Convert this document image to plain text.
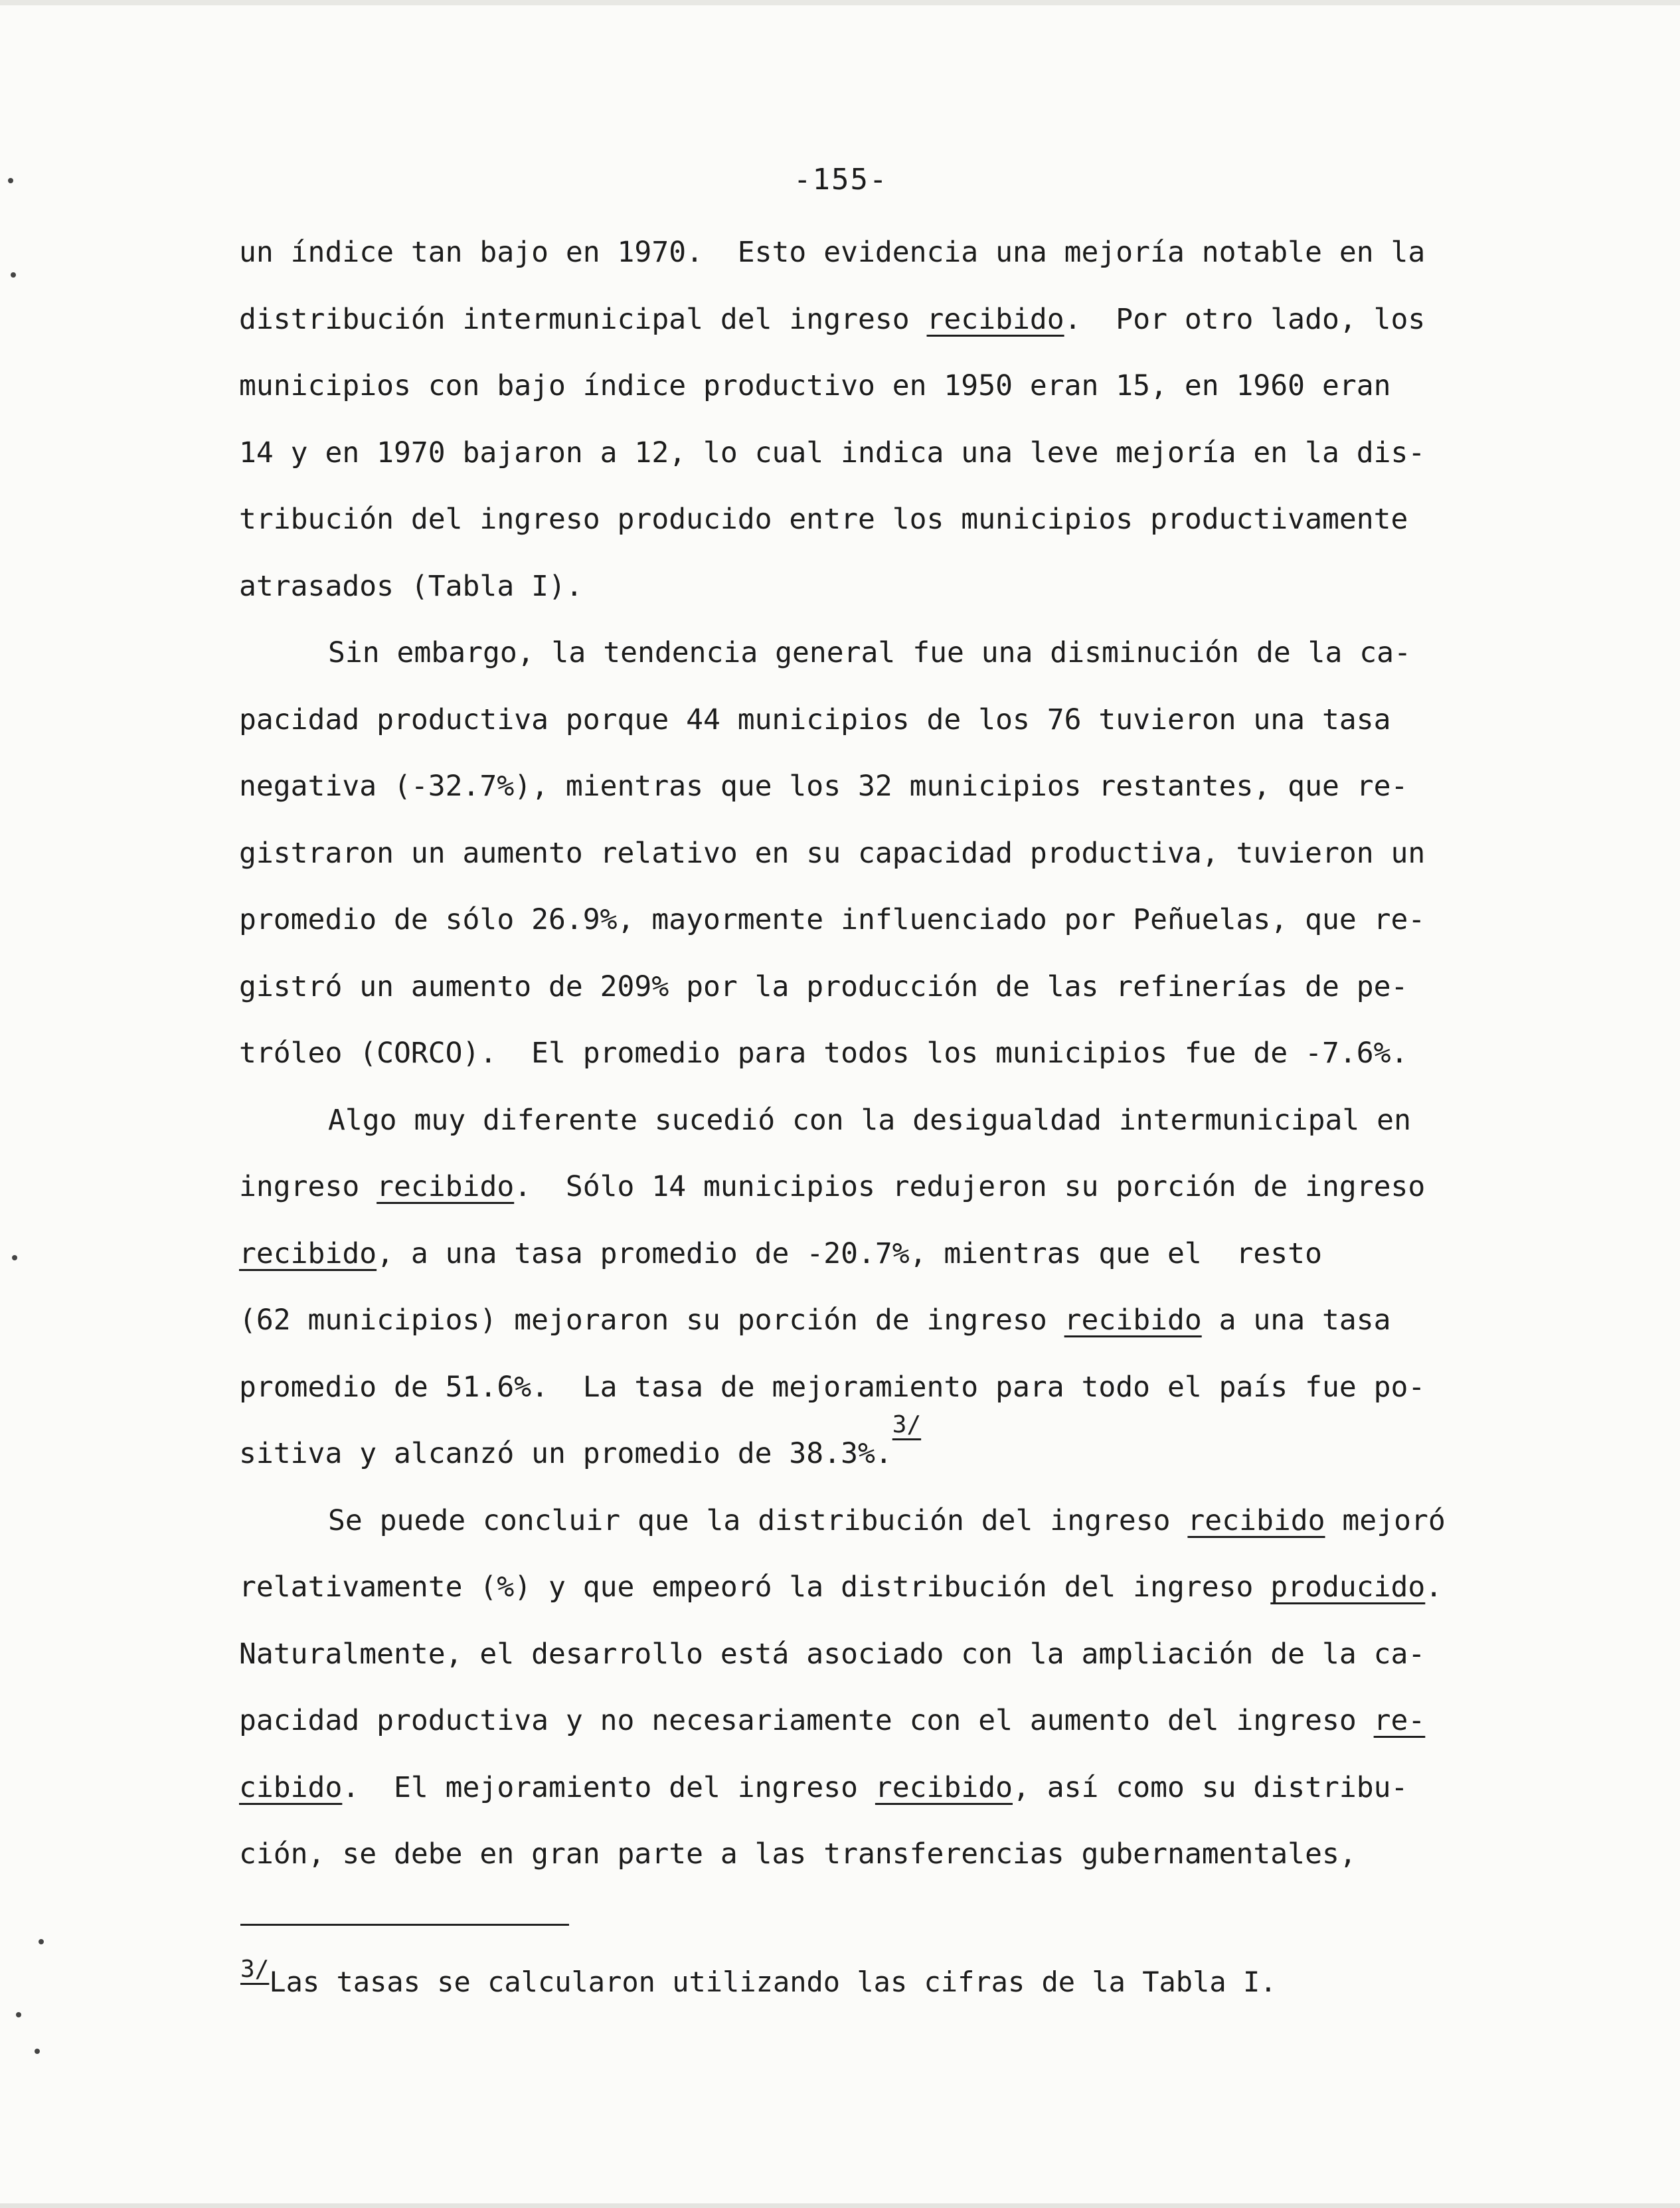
-155-
un índice tan bajo en 1970.  Esto evidencia una mejoría notable en la
distribución intermunicipal del ingreso recibido.  Por otro lado, los
municipios con bajo índice productivo en 1950 eran 15, en 1960 eran
14 y en 1970 bajaron a 12, lo cual indica una leve mejoría en la dis-
tribución del ingreso producido entre los municipios productivamente
atrasados (Tabla I).
Sin embargo, la tendencia general fue una disminución de la ca-
pacidad productiva porque 44 municipios de los 76 tuvieron una tasa
negativa (-32.7%), mientras que los 32 municipios restantes, que re-
gistraron un aumento relativo en su capacidad productiva, tuvieron un
promedio de sólo 26.9%, mayormente influenciado por Peñuelas, que re-
gistró un aumento de 209% por la producción de las refinerías de pe-
tróleo (CORCO).  El promedio para todos los municipios fue de -7.6%.
Algo muy diferente sucedió con la desigualdad intermunicipal en
ingreso recibido.  Sólo 14 municipios redujeron su porción de ingreso
recibido, a una tasa promedio de -20.7%, mientras que el  resto
(62 municipios) mejoraron su porción de ingreso recibido a una tasa
promedio de 51.6%.  La tasa de mejoramiento para todo el país fue po-
sitiva y alcanzó un promedio de 38.3%.$^{3/}$
Se puede concluir que la distribución del ingreso recibido mejoró
relativamente (%) y que empeoró la distribución del ingreso producido.
Naturalmente, el desarrollo está asociado con la ampliación de la ca-
pacidad productiva y no necesariamente con el aumento del ingreso re-
cibido.  El mejoramiento del ingreso recibido, así como su distribu-
ción, se debe en gran parte a las transferencias gubernamentales,
3/Las tasas se calcularon utilizando las cifras de la Tabla I.
